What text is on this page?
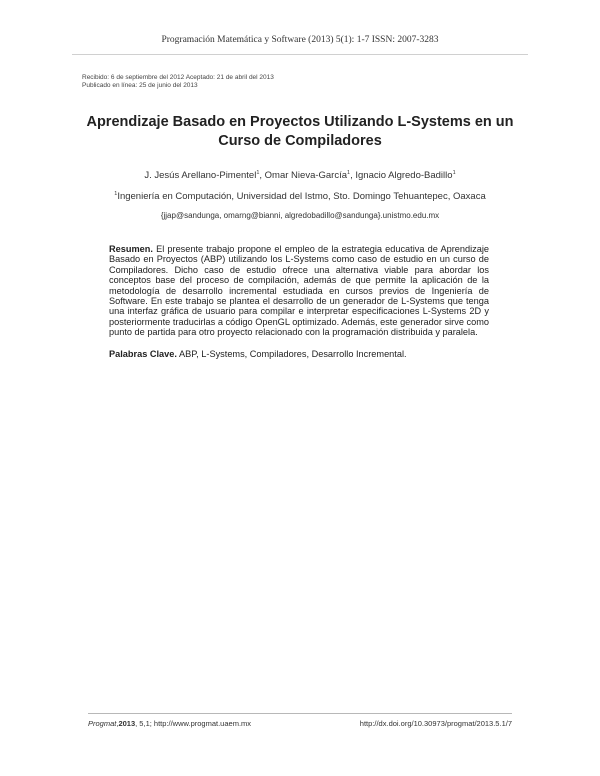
Programación Matemática y Software (2013) 5(1): 1-7 ISSN: 2007-3283
Recibido: 6 de septiembre del 2012 Aceptado: 21 de abril del 2013
Publicado en línea: 25 de junio del 2013
Aprendizaje Basado en Proyectos Utilizando L-Systems en un Curso de Compiladores
J. Jesús Arellano-Pimentel$^1$, Omar Nieva-García$^1$, Ignacio Algredo-Badillo$^1$
$^1$Ingeniería en Computación, Universidad del Istmo, Sto. Domingo Tehuantepec, Oaxaca
{jjap@sandunga, omarng@bianni, algredobadillo@sandunga}.unistmo.edu.mx
Resumen. El presente trabajo propone el empleo de la estrategia educativa de Aprendizaje Basado en Proyectos (ABP) utilizando los L-Systems como caso de estudio en un curso de Compiladores. Dicho caso de estudio ofrece una alternativa viable para abordar los conceptos base del proceso de compilación, además de que permite la aplicación de la metodología de desarrollo incremental estudiada en cursos previos de Ingeniería de Software. En este trabajo se plantea el desarrollo de un generador de L-Systems que tenga una interfaz gráfica de usuario para compilar e interpretar especificaciones L-Systems 2D y posteriormente traducirlas a código OpenGL optimizado. Además, este generador sirve como punto de partida para otro proyecto relacionado con la programación distribuida y paralela.
Palabras Clave. ABP, L-Systems, Compiladores, Desarrollo Incremental.
Progmat,2013, 5,1; http://www.progmat.uaem.mx	http://dx.doi.org/10.30973/progmat/2013.5.1/7
